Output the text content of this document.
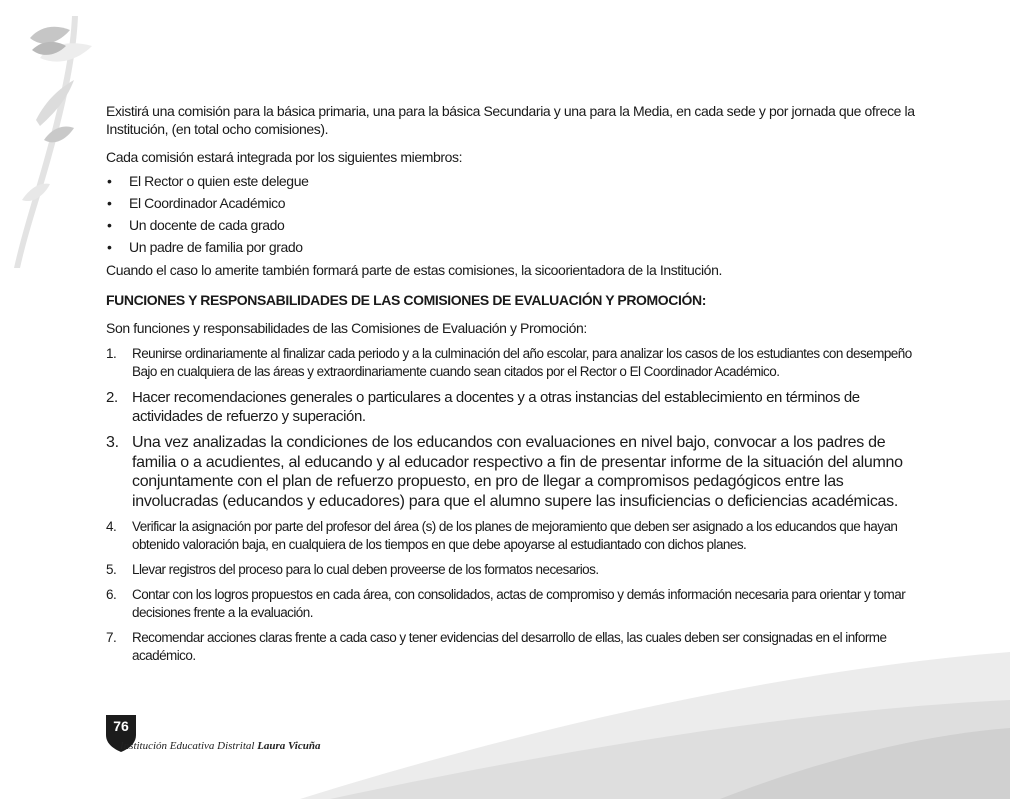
Existirá una comisión para la básica primaria, una para la básica Secundaria y una para la Media, en cada sede y por jornada que ofrece la Institución, (en total ocho comisiones).

Cada comisión estará integrada por los siguientes miembros:

• El Rector o quien este delegue
• El Coordinador Académico
• Un docente de cada grado
• Un padre de familia por grado

Cuando el caso lo amerite también formará parte de estas comisiones, la sicoorientadora de la Institución.

FUNCIONES Y RESPONSABILIDADES DE LAS COMISIONES DE EVALUACIÓN Y PROMOCIÓN:

Son funciones y responsabilidades de las Comisiones de Evaluación y Promoción:

1. Reunirse ordinariamente al finalizar cada periodo y a la culminación del año escolar, para analizar los casos de los estudiantes con desempeño Bajo en cualquiera de las áreas y extraordinariamente cuando sean citados por el Rector o El Coordinador Académico.
2. Hacer recomendaciones generales o particulares a docentes y a otras instancias del establecimiento en términos de actividades de refuerzo y superación.
3. Una vez analizadas la condiciones de los educandos con evaluaciones en nivel bajo, convocar a los padres de familia o a acudientes, al educando y al educador respectivo a fin de presentar informe de la situación del alumno conjuntamente con el plan de refuerzo propuesto, en pro de llegar a compromisos pedagógicos entre las involucradas (educandos y educadores) para que el alumno supere las insuficiencias o deficiencias académicas.
4. Verificar la asignación por parte del profesor del área (s) de los planes de mejoramiento que deben ser asignado a los educandos que hayan obtenido valoración baja, en cualquiera de los tiempos en que debe apoyarse al estudiantado con dichos planes.
5. Llevar registros del proceso para lo cual deben proveerse de los formatos necesarios.
6. Contar con los logros propuestos en cada área, con consolidados, actas de compromiso y demás información necesaria para orientar y tomar decisiones frente a la evaluación.
7. Recomendar acciones claras frente a cada caso y tener evidencias del desarrollo de ellas, las cuales deben ser consignadas en el informe académico.
76
Institución Educativa Distrital Laura Vicuña
